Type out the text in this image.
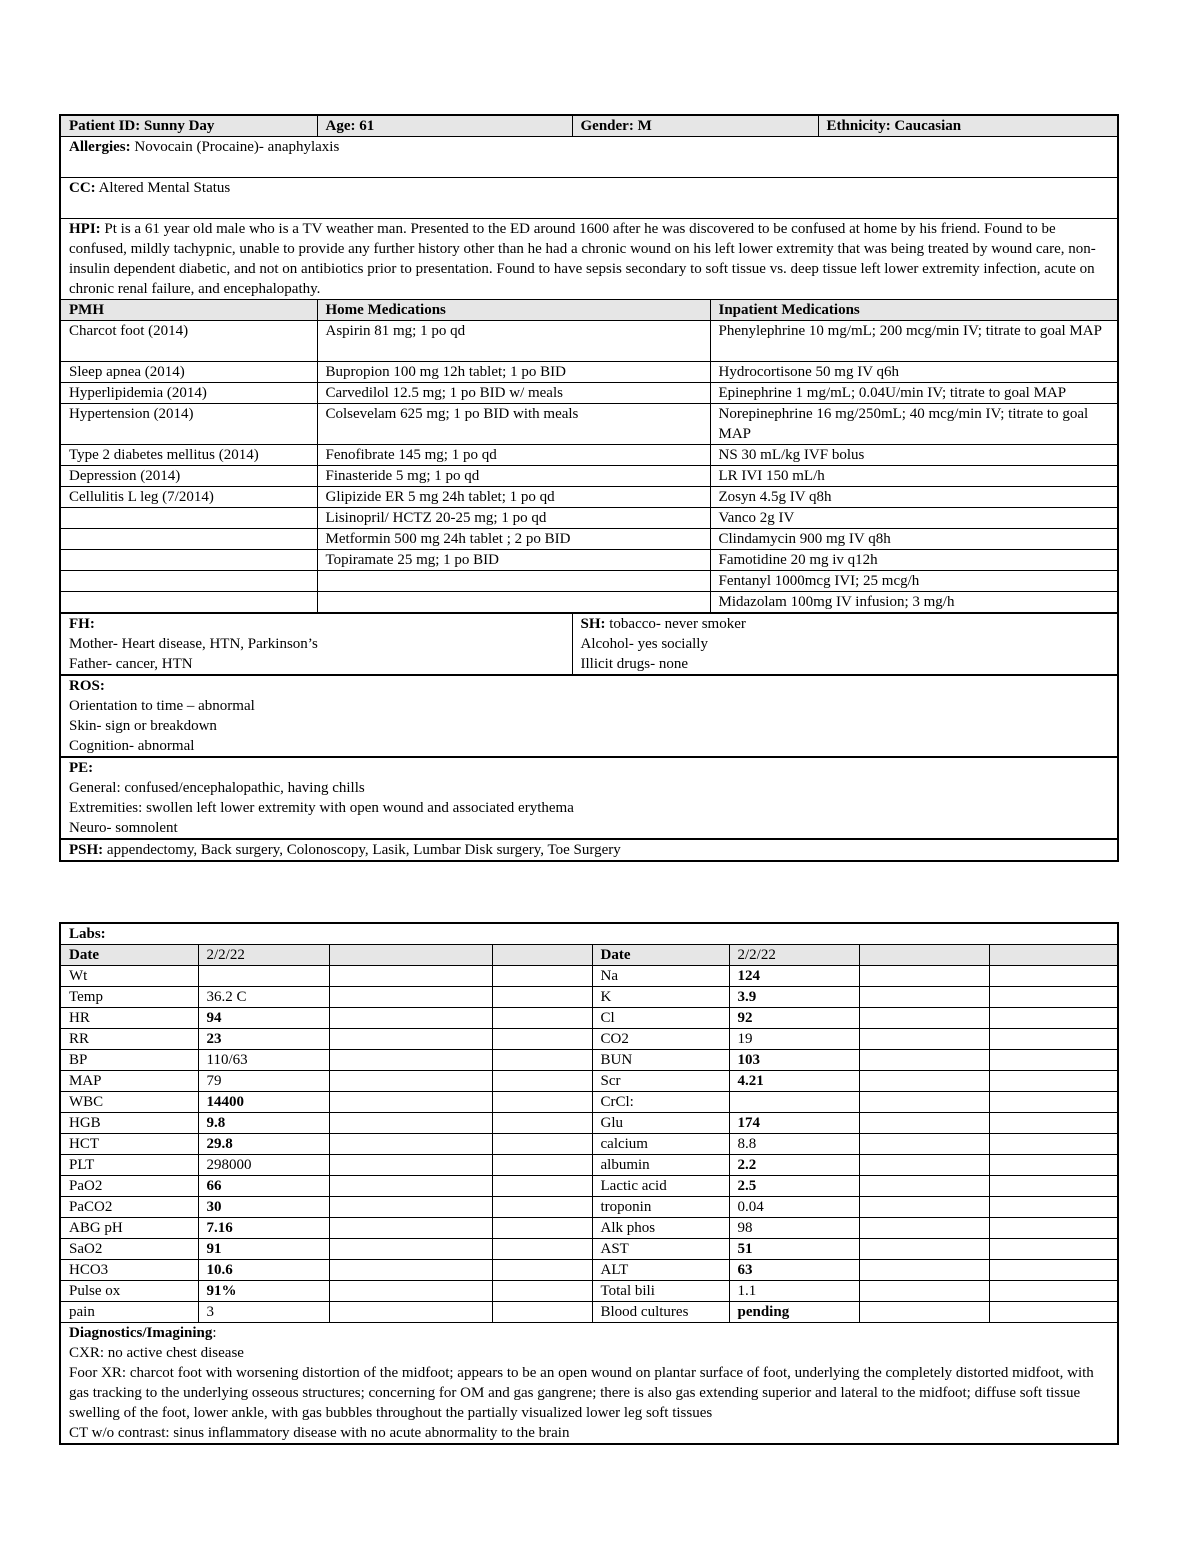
Patient ID: Sunny Day	Age: 61	Gender: M		Ethnicity: Caucasian
Allergies: Novocain (Procaine)- anaphylaxis				
CC: Altered Mental Status				
HPI: Pt is a 61 year old male who is a TV weather man. Presented to the ED around 1600 after he was discovered to be confused at home by his friend. Found to be confused, mildly tachypnic, unable to provide any further history other than he had a chronic wound on his left lower extremity that was being treated by wound care, non-insulin dependent diabetic, and not on antibiotics prior to presentation. Found to have sepsis secondary to soft tissue vs. deep tissue left lower extremity infection, acute on chronic renal failure, and encephalopathy.				
PMH	Home Medications		Inpatient Medications	
Charcot foot (2014)	Aspirin 81 mg; 1 po qd		Phenylephrine 10 mg/mL; 200 mcg/min IV; titrate to goal MAP	
Sleep apnea (2014)	Bupropion 100 mg 12h tablet; 1 po BID		Hydrocortisone 50 mg IV q6h	
Hyperlipidemia (2014)	Carvedilol 12.5 mg; 1 po BID w/ meals		Epinephrine 1 mg/mL; 0.04U/min IV; titrate to goal MAP	
Hypertension (2014)	Colsevelam 625 mg; 1 po BID with meals		Norepinephrine 16 mg/250mL; 40 mcg/min IV; titrate to goal MAP	
Type 2 diabetes mellitus (2014)	Fenofibrate 145 mg; 1 po qd		NS 30 mL/kg IVF bolus	
Depression (2014)	Finasteride 5 mg; 1 po qd		LR IVI 150 mL/h	
Cellulitis L leg (7/2014)	Glipizide ER 5 mg 24h tablet; 1 po qd		Zosyn 4.5g IV q8h	
	Lisinopril/ HCTZ 20-25 mg; 1 po qd		Vanco 2g IV	
	Metformin 500 mg 24h tablet ; 2 po BID		Clindamycin 900 mg IV q8h	
	Topiramate 25 mg; 1 po BID		Famotidine 20 mg iv q12h	
			Fentanyl 1000mcg IVI; 25 mcg/h	
			Midazolam 100mg IV infusion; 3 mg/h	

FH:
Mother- Heart disease, HTN, Parkinson’s
Father- cancer, HTN		SH: tobacco- never smoker
Alcohol- yes socially
Illicit drugs- none		

ROS:
Orientation to time – abnormal
Skin- sign or breakdown
Cognition- abnormal				

PE:
General: confused/encephalopathic, having chills
Extremities: swollen left lower extremity with open wound and associated erythema
Neuro- somnolent				

PSH: appendectomy, Back surgery, Colonoscopy, Lasik, Lumbar Disk surgery, Toe Surgery				
Labs:							
Date	2/2/22			Date	2/2/22		
Wt				Na	124		
Temp	36.2 C			K	3.9		
HR	94			Cl	92		
RR	23			CO2	19		
BP	110/63			BUN	103		
MAP	79			Scr	4.21		
WBC	14400			CrCl:			
HGB	9.8			Glu	174		
HCT	29.8			calcium	8.8		
PLT	298000			albumin	2.2		
PaO2	66			Lactic acid	2.5		
PaCO2	30			troponin	0.04		
ABG pH	7.16			Alk phos	98		
SaO2	91			AST	51		
HCO3	10.6			ALT	63		
Pulse ox	91%			Total bili	1.1		
pain	3			Blood cultures	pending		

Diagnostics/Imagining:
CXR: no active chest disease
Foor XR: charcot foot with worsening distortion of the midfoot; appears to be an open wound on plantar surface of foot, underlying the completely distorted midfoot, with gas tracking to the underlying osseous structures; concerning for OM and gas gangrene; there is also gas extending superior and lateral to the midfoot; diffuse soft tissue swelling of the foot, lower ankle, with gas bubbles throughout the partially visualized lower leg soft tissues
CT w/o contrast: sinus inflammatory disease with no acute abnormality to the brain							
